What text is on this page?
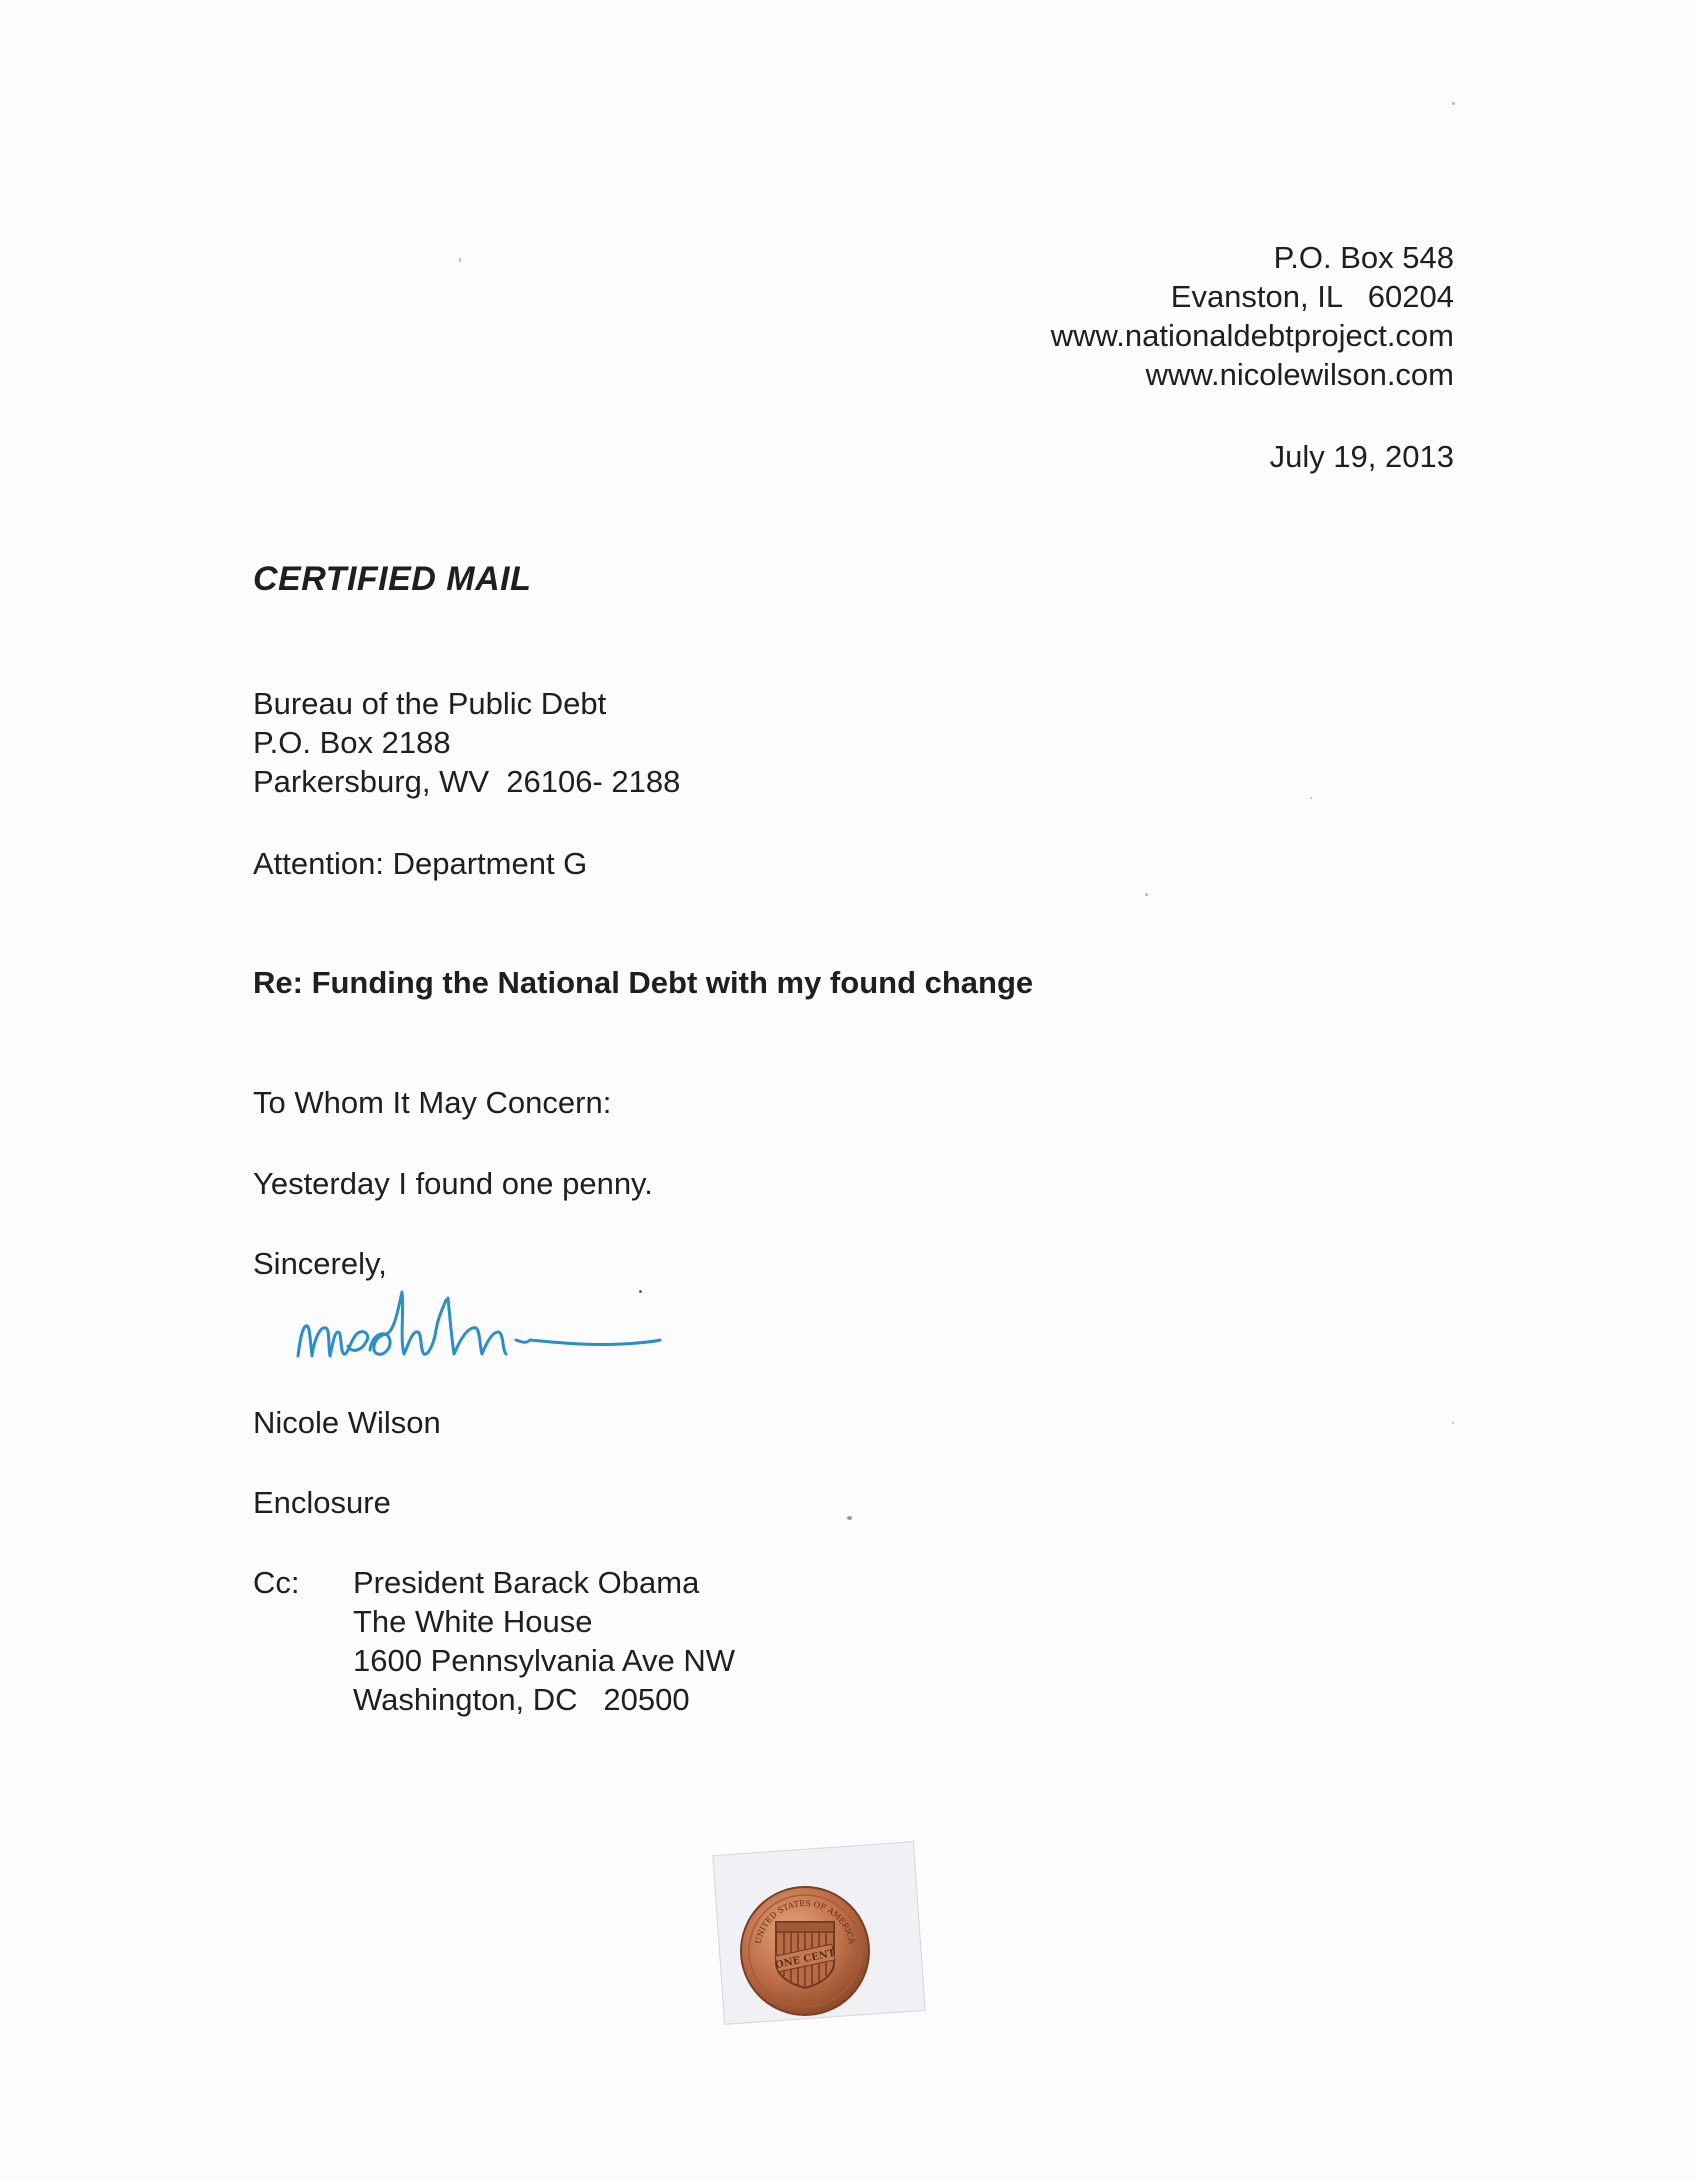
P.O. Box 548
Evanston, IL   60204
www.nationaldebtproject.com
www.nicolewilson.com
July 19, 2013
CERTIFIED MAIL
Bureau of the Public Debt
P.O. Box 2188
Parkersburg, WV  26106- 2188
Attention: Department G
Re: Funding the National Debt with my found change
To Whom It May Concern:
Yesterday I found one penny.
Sincerely,
Nicole Wilson
Enclosure
Cc: President Barack Obama
The White House
1600 Pennsylvania Ave NW
Washington, DC   20500
UNITED STATES OF AMERICA
ONE CENT
